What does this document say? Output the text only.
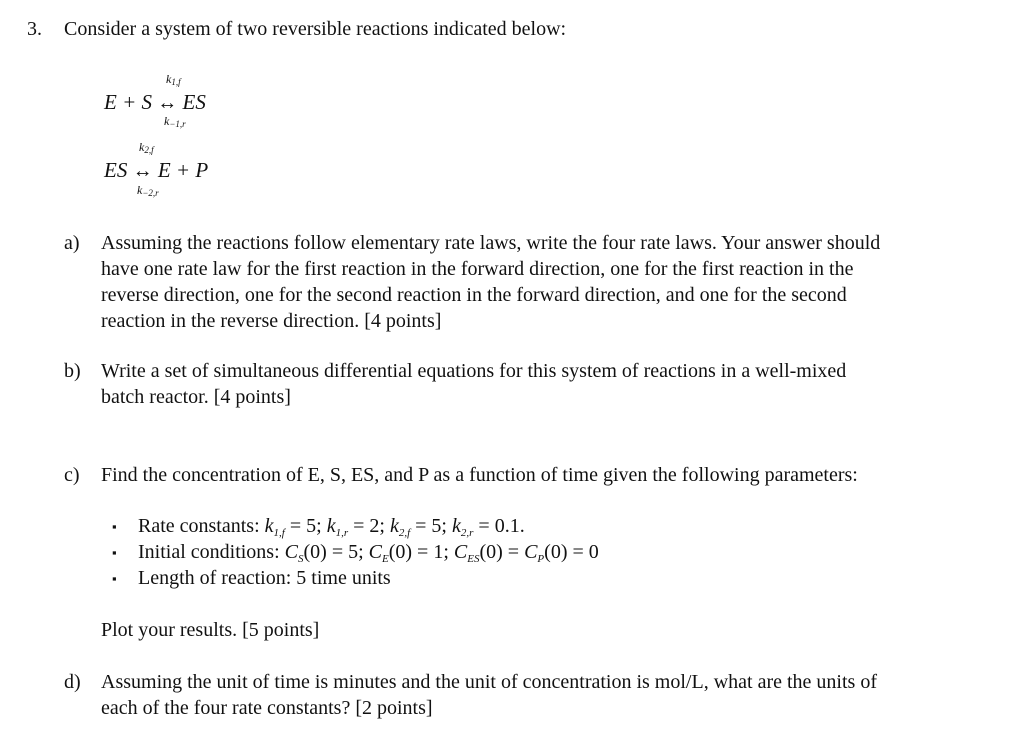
3. Consider a system of two reversible reactions indicated below:
k1,f
E + S ↔ ES
k−1,r
k2,f
ES ↔ E + P
k−2,r
a) Assuming the reactions follow elementary rate laws, write the four rate laws. Your answer should
have one rate law for the first reaction in the forward direction, one for the first reaction in the
reverse direction, one for the second reaction in the forward direction, and one for the second
reaction in the reverse direction. [4 points]
b) Write a set of simultaneous differential equations for this system of reactions in a well-mixed
batch reactor. [4 points]
c) Find the concentration of E, S, ES, and P as a function of time given the following parameters:
▪ Rate constants: $k_{1,f} = 5$; $k_{1,r} = 2$; $k_{2,f} = 5$; $k_{2,r} = 0.1$.
▪ Initial conditions: $C_S(0) = 5$; $C_E(0) = 1$; $C_{ES}(0) = C_P(0) = 0$
▪ Length of reaction: 5 time units
Plot your results. [5 points]
d) Assuming the unit of time is minutes and the unit of concentration is mol/L, what are the units of
each of the four rate constants? [2 points]
